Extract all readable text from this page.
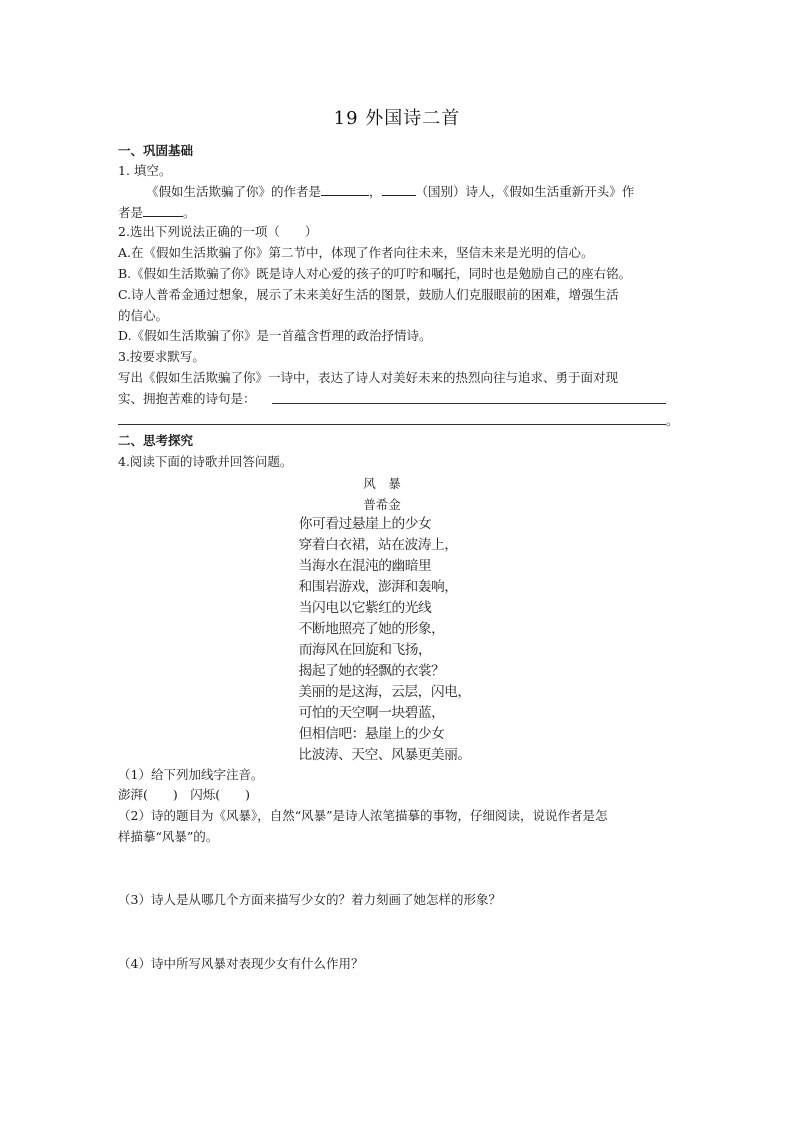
19 外国诗二首
一、巩固基础
1. 填空。
《假如生活欺骗了你》的作者是	，	（国别）诗人，《假如生活重新开头》作
者是	。
2.选出下列说法正确的一项（　　）
A.在《假如生活欺骗了你》第二节中，体现了作者向往未来，坚信未来是光明的信心。
B.《假如生活欺骗了你》既是诗人对心爱的孩子的叮咛和嘱托，同时也是勉励自己的座右铭。
C.诗人普希金通过想象，展示了未来美好生活的图景，鼓励人们克服眼前的困难，增强生活
的信心。
D.《假如生活欺骗了你》是一首蕴含哲理的政治抒情诗。
3.按要求默写。
写出《假如生活欺骗了你》一诗中，表达了诗人对美好未来的热烈向往与追求、勇于面对现
实、拥抱苦难的诗句是：
。
二、思考探究
4.阅读下面的诗歌并回答问题。
风　暴
普希金
你可看过悬崖上的少女
穿着白衣裙，站在波涛上，
当海水在混沌的幽暗里
和围岩游戏，澎湃和轰响，
当闪电以它紫红的光线
不断地照亮了她的形象，
而海风在回旋和飞扬，
揭起了她的轻飘的衣裳？
美丽的是这海，云层，闪电，
可怕的天空啊一块碧蓝，
但相信吧：悬崖上的少女
比波涛、天空、风暴更美丽。
（1）给下列加线字注音。
澎湃(　　)　闪烁(　　)
（2）诗的题目为《风暴》，自然“风暴”是诗人浓笔描摹的事物，仔细阅读，说说作者是怎
样描摹“风暴”的。
（3）诗人是从哪几个方面来描写少女的？着力刻画了她怎样的形象？
（4）诗中所写风暴对表现少女有什么作用？
